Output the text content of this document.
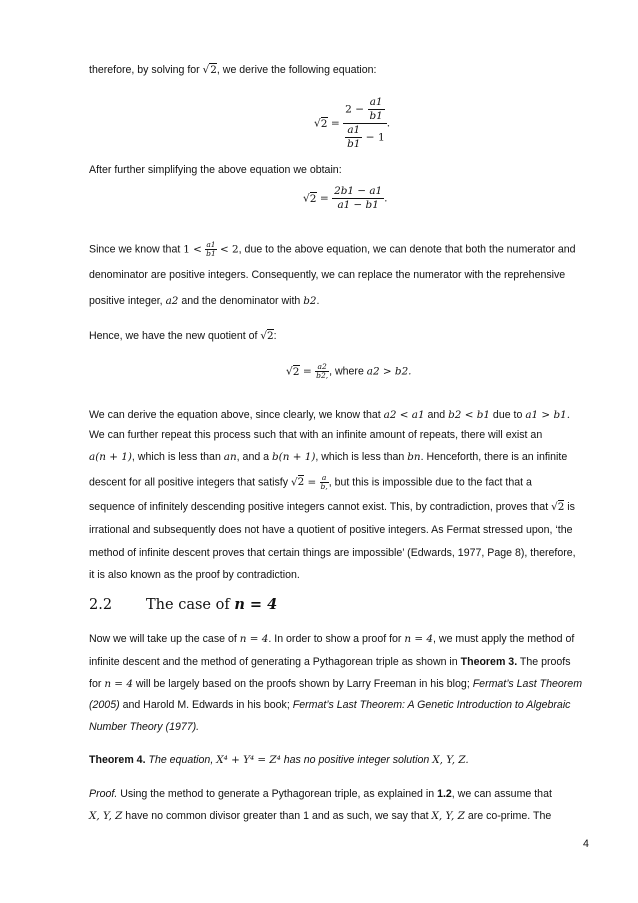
therefore, by solving for √2, we derive the following equation:
$√2 = \frac{2 - \frac{a1}{b1}}{\frac{a1}{b1} - 1}$ .
After further simplifying the above equation we obtain:
$√2 = \frac{2b1 - a1}{a1 - b1}$ .
Since we know that $1 < \frac{a1}{b1} < 2$, due to the above equation, we can denote that both the numerator and
denominator are positive integers. Consequently, we can replace the numerator with the reprehensive
positive integer, a2 and the denominator with b2.
Hence, we have the new quotient of √2:
$√2 = \frac{a2}{b2,}$ , where a2 > b2.
We can derive the equation above, since clearly, we know that a2 < a1 and b2 < b1 due to a1 > b1.
We can further repeat this process such that with an infinite amount of repeats, there will exist an
a(n + 1), which is less than an, and a b(n + 1), which is less than bn. Henceforth, there is an infinite
descent for all positive integers that satisfy $√2 = \frac{a}{b,}$ , but this is impossible due to the fact that a
sequence of infinitely descending positive integers cannot exist. This, by contradiction, proves that √2 is
irrational and subsequently does not have a quotient of positive integers. As Fermat stressed upon, ‘the
method of infinite descent proves that certain things are impossible’ (Edwards, 1977, Page 8), therefore,
it is also known as the proof by contradiction.
2.2 The case of n = 4
Now we will take up the case of n = 4. In order to show a proof for n = 4, we must apply the method of
infinite descent and the method of generating a Pythagorean triple as shown in Theorem 3. The proofs
for n = 4 will be largely based on the proofs shown by Larry Freeman in his blog; Fermat’s Last Theorem
(2005) and Harold M. Edwards in his book; Fermat’s Last Theorem: A Genetic Introduction to Algebraic
Number Theory (1977).
Theorem 4. The equation, X⁴ + Y⁴ = Z⁴ has no positive integer solution X, Y, Z.
Proof. Using the method to generate a Pythagorean triple, as explained in 1.2, we can assume that
X, Y, Z have no common divisor greater than 1 and as such, we say that X, Y, Z are co-prime. The
4
